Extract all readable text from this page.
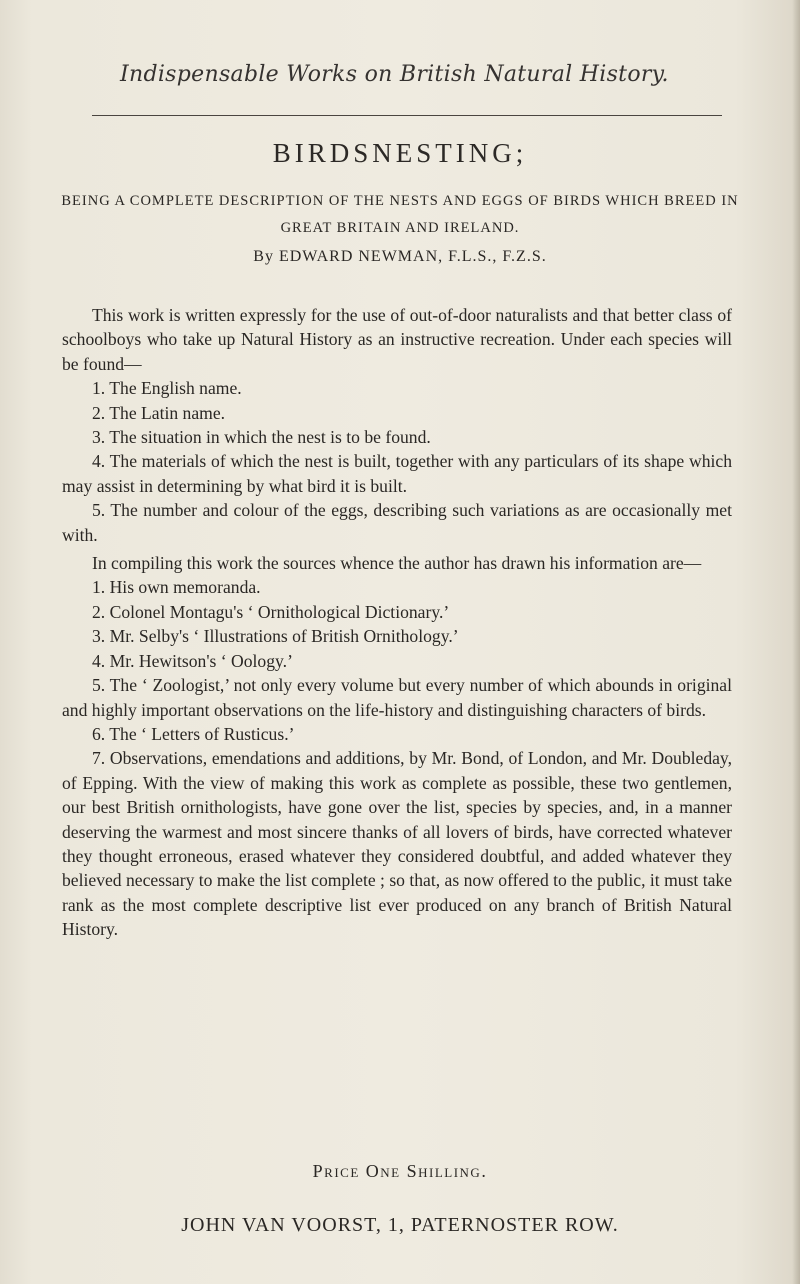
Indispensable Works on British Natural History.
BIRDSNESTING;
BEING A COMPLETE DESCRIPTION OF THE NESTS AND EGGS OF BIRDS WHICH BREED IN GREAT BRITAIN AND IRELAND.
By EDWARD NEWMAN, F.L.S., F.Z.S.

This work is written expressly for the use of out-of-door naturalists and that better class of schoolboys who take up Natural History as an instructive recreation. Under each species will be found—

1. The English name.
2. The Latin name.
3. The situation in which the nest is to be found.
4. The materials of which the nest is built, together with any particulars of its shape which may assist in determining by what bird it is built.
5. The number and colour of the eggs, describing such variations as are occasionally met with.

In compiling this work the sources whence the author has drawn his information are—

1. His own memoranda.
2. Colonel Montagu's ‘ Ornithological Dictionary.’
3. Mr. Selby's ‘ Illustrations of British Ornithology.’
4. Mr. Hewitson's ‘ Oology.’
5. The ‘ Zoologist,’ not only every volume but every number of which abounds in original and highly important observations on the life-history and distinguishing characters of birds.
6. The ‘ Letters of Rusticus.’
7. Observations, emendations and additions, by Mr. Bond, of London, and Mr. Doubleday, of Epping. With the view of making this work as complete as possible, these two gentlemen, our best British ornithologists, have gone over the list, species by species, and, in a manner deserving the warmest and most sincere thanks of all lovers of birds, have corrected whatever they thought erroneous, erased whatever they considered doubtful, and added whatever they believed necessary to make the list complete ; so that, as now offered to the public, it must take rank as the most complete descriptive list ever produced on any branch of British Natural History.
Price One Shilling.
JOHN VAN VOORST, 1, PATERNOSTER ROW.
